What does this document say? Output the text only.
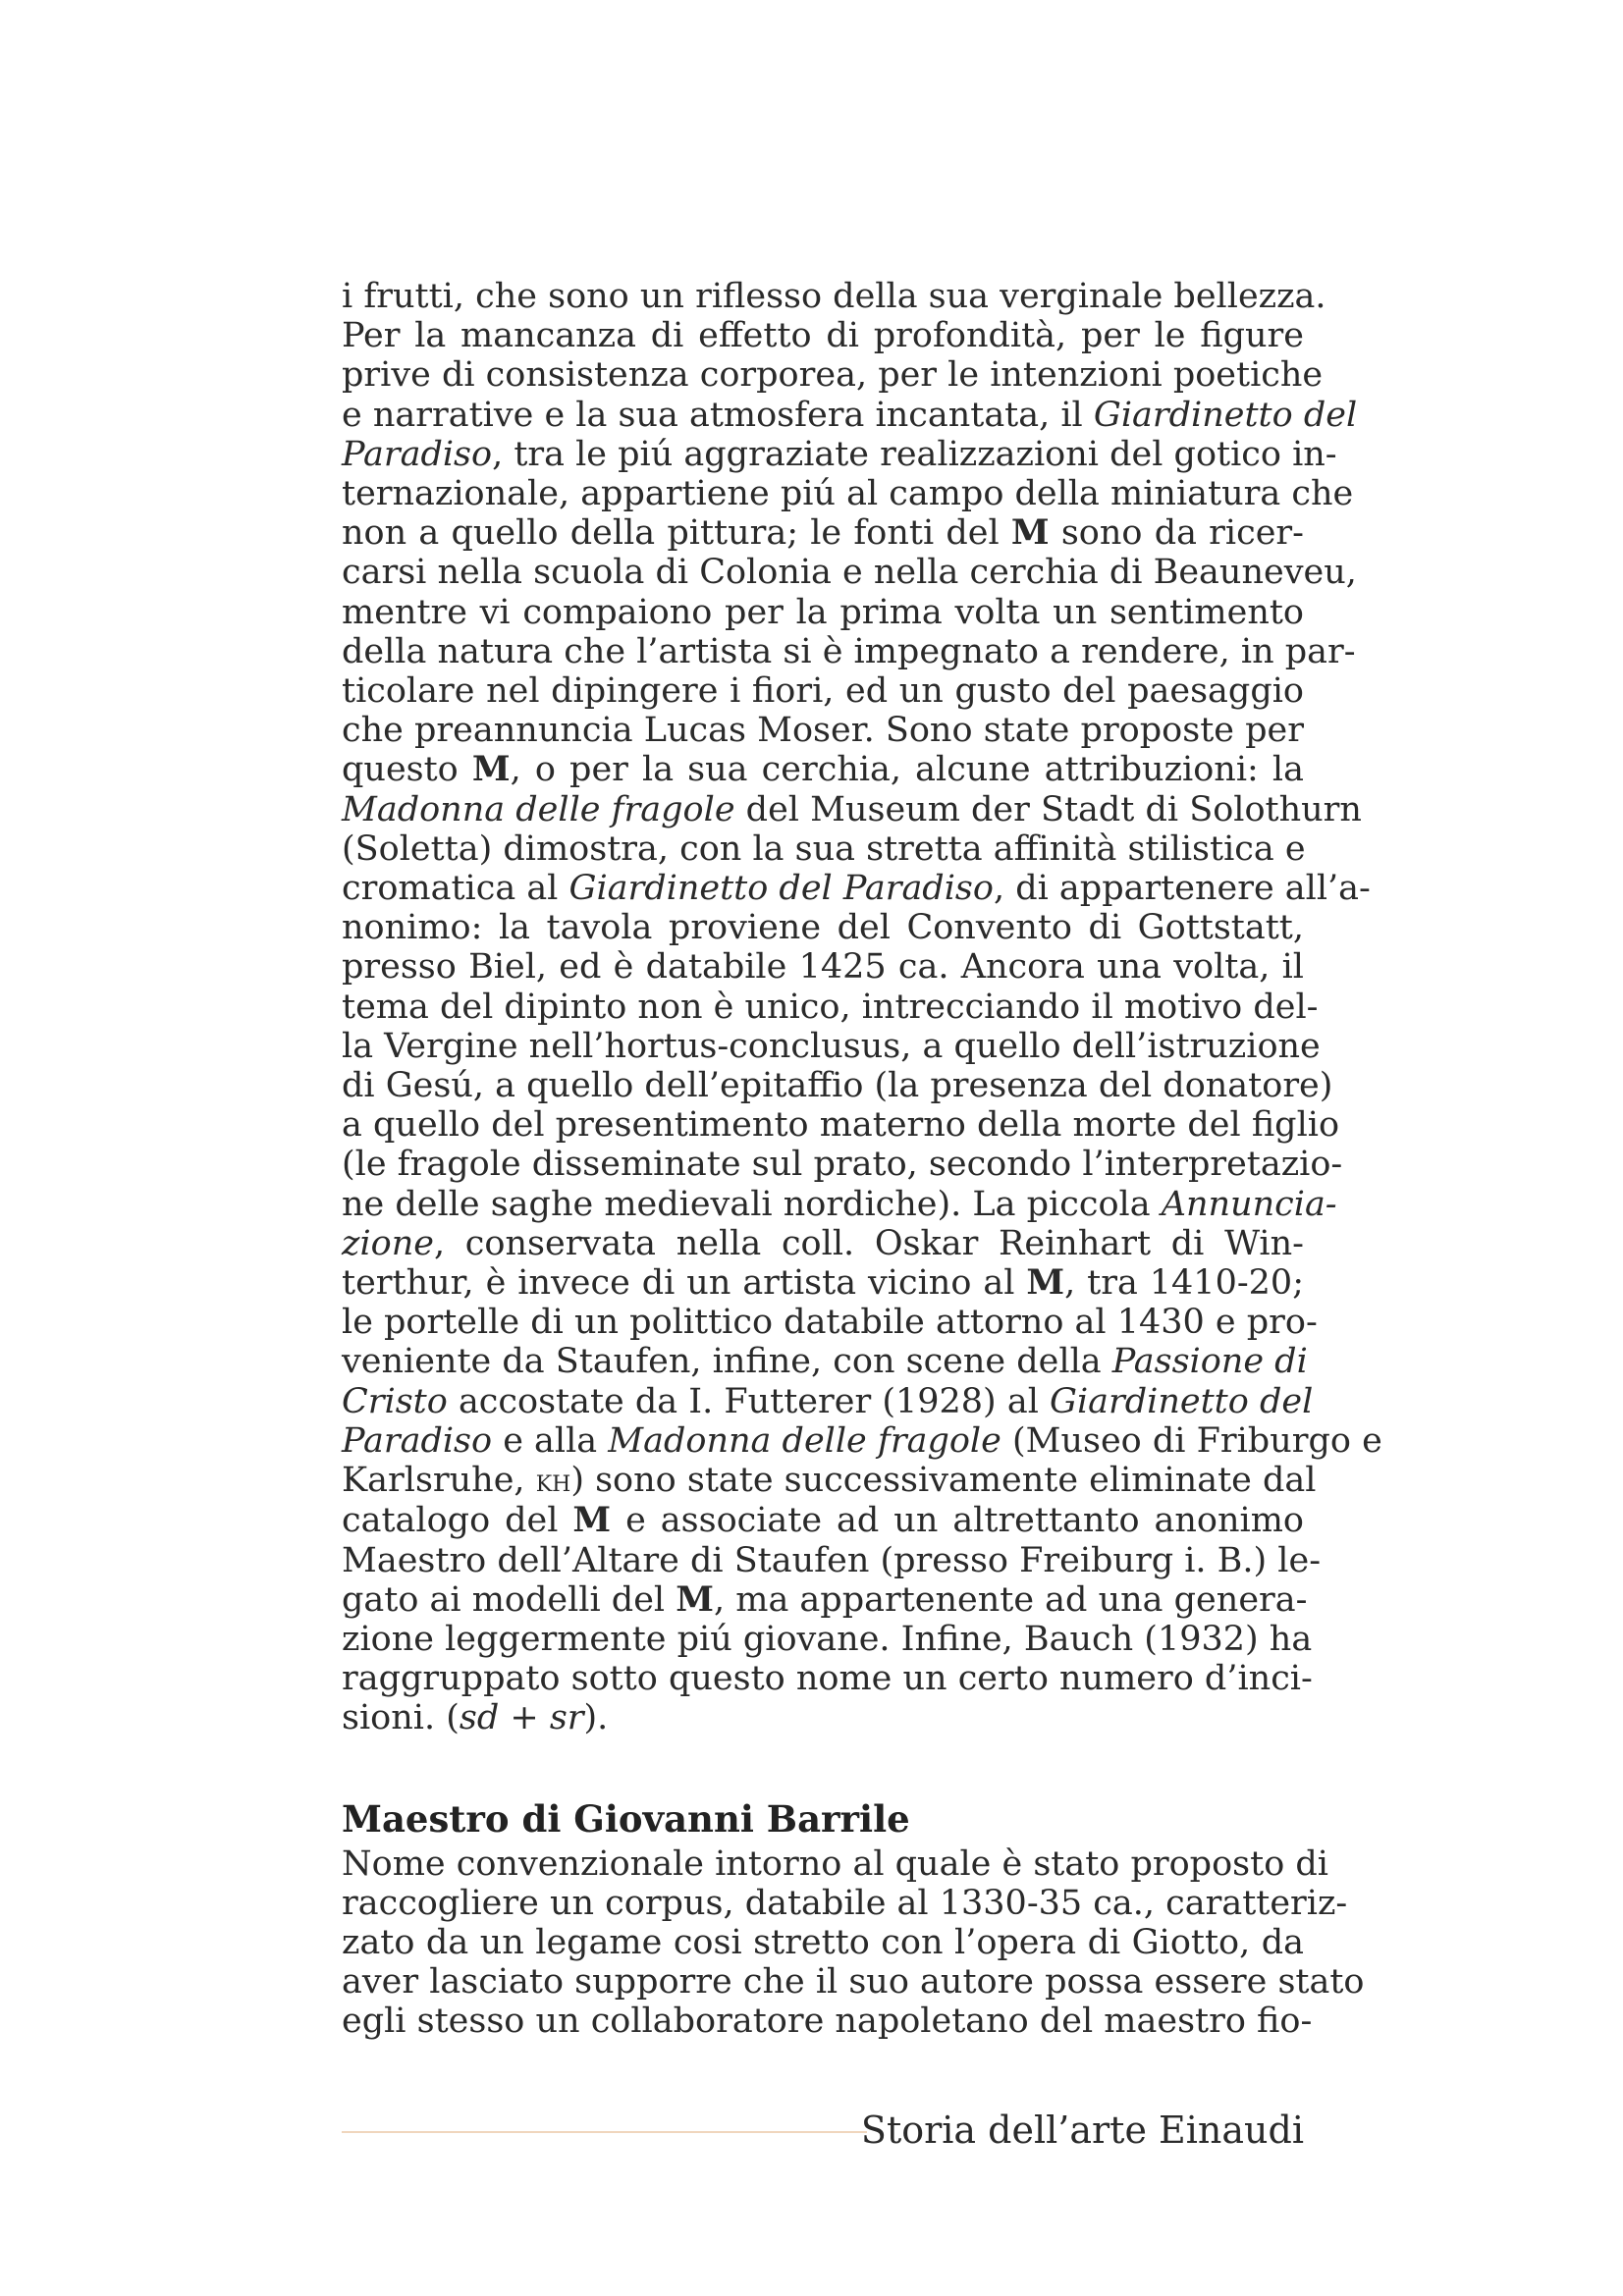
i frutti, che sono un riflesso della sua verginale bellezza.
Per la mancanza di effetto di profondità, per le figure
prive di consistenza corporea, per le intenzioni poetiche
e narrative e la sua atmosfera incantata, il Giardinetto del
Paradiso, tra le piú aggraziate realizzazioni del gotico in-
ternazionale, appartiene piú al campo della miniatura che
non a quello della pittura; le fonti del M sono da ricer-
carsi nella scuola di Colonia e nella cerchia di Beauneveu,
mentre vi compaiono per la prima volta un sentimento
della natura che l’artista si è impegnato a rendere, in par-
ticolare nel dipingere i fiori, ed un gusto del paesaggio
che preannuncia Lucas Moser. Sono state proposte per
questo M, o per la sua cerchia, alcune attribuzioni: la
Madonna delle fragole del Museum der Stadt di Solothurn
(Soletta) dimostra, con la sua stretta affinità stilistica e
cromatica al Giardinetto del Paradiso, di appartenere all’a-
nonimo: la tavola proviene del Convento di Gottstatt,
presso Biel, ed è databile 1425 ca. Ancora una volta, il
tema del dipinto non è unico, intrecciando il motivo del-
la Vergine nell’hortus-conclusus, a quello dell’istruzione
di Gesú, a quello dell’epitaffio (la presenza del donatore)
a quello del presentimento materno della morte del figlio
(le fragole disseminate sul prato, secondo l’interpretazio-
ne delle saghe medievali nordiche). La piccola Annuncia-
zione, conservata nella coll. Oskar Reinhart di Win-
terthur, è invece di un artista vicino al M, tra 1410-20;
le portelle di un polittico databile attorno al 1430 e pro-
veniente da Staufen, infine, con scene della Passione di
Cristo accostate da I. Futterer (1928) al Giardinetto del
Paradiso e alla Madonna delle fragole (Museo di Friburgo e
Karlsruhe, kh) sono state successivamente eliminate dal
catalogo del M e associate ad un altrettanto anonimo
Maestro dell’Altare di Staufen (presso Freiburg i. B.) le-
gato ai modelli del M, ma appartenente ad una genera-
zione leggermente piú giovane. Infine, Bauch (1932) ha
raggruppato sotto questo nome un certo numero d’inci-
sioni. (sd + sr).
Maestro di Giovanni Barrile
Nome convenzionale intorno al quale è stato proposto di
raccogliere un corpus, databile al 1330-35 ca., caratteriz-
zato da un legame cosi stretto con l’opera di Giotto, da
aver lasciato supporre che il suo autore possa essere stato
egli stesso un collaboratore napoletano del maestro fio-
Storia dell’arte Einaudi
